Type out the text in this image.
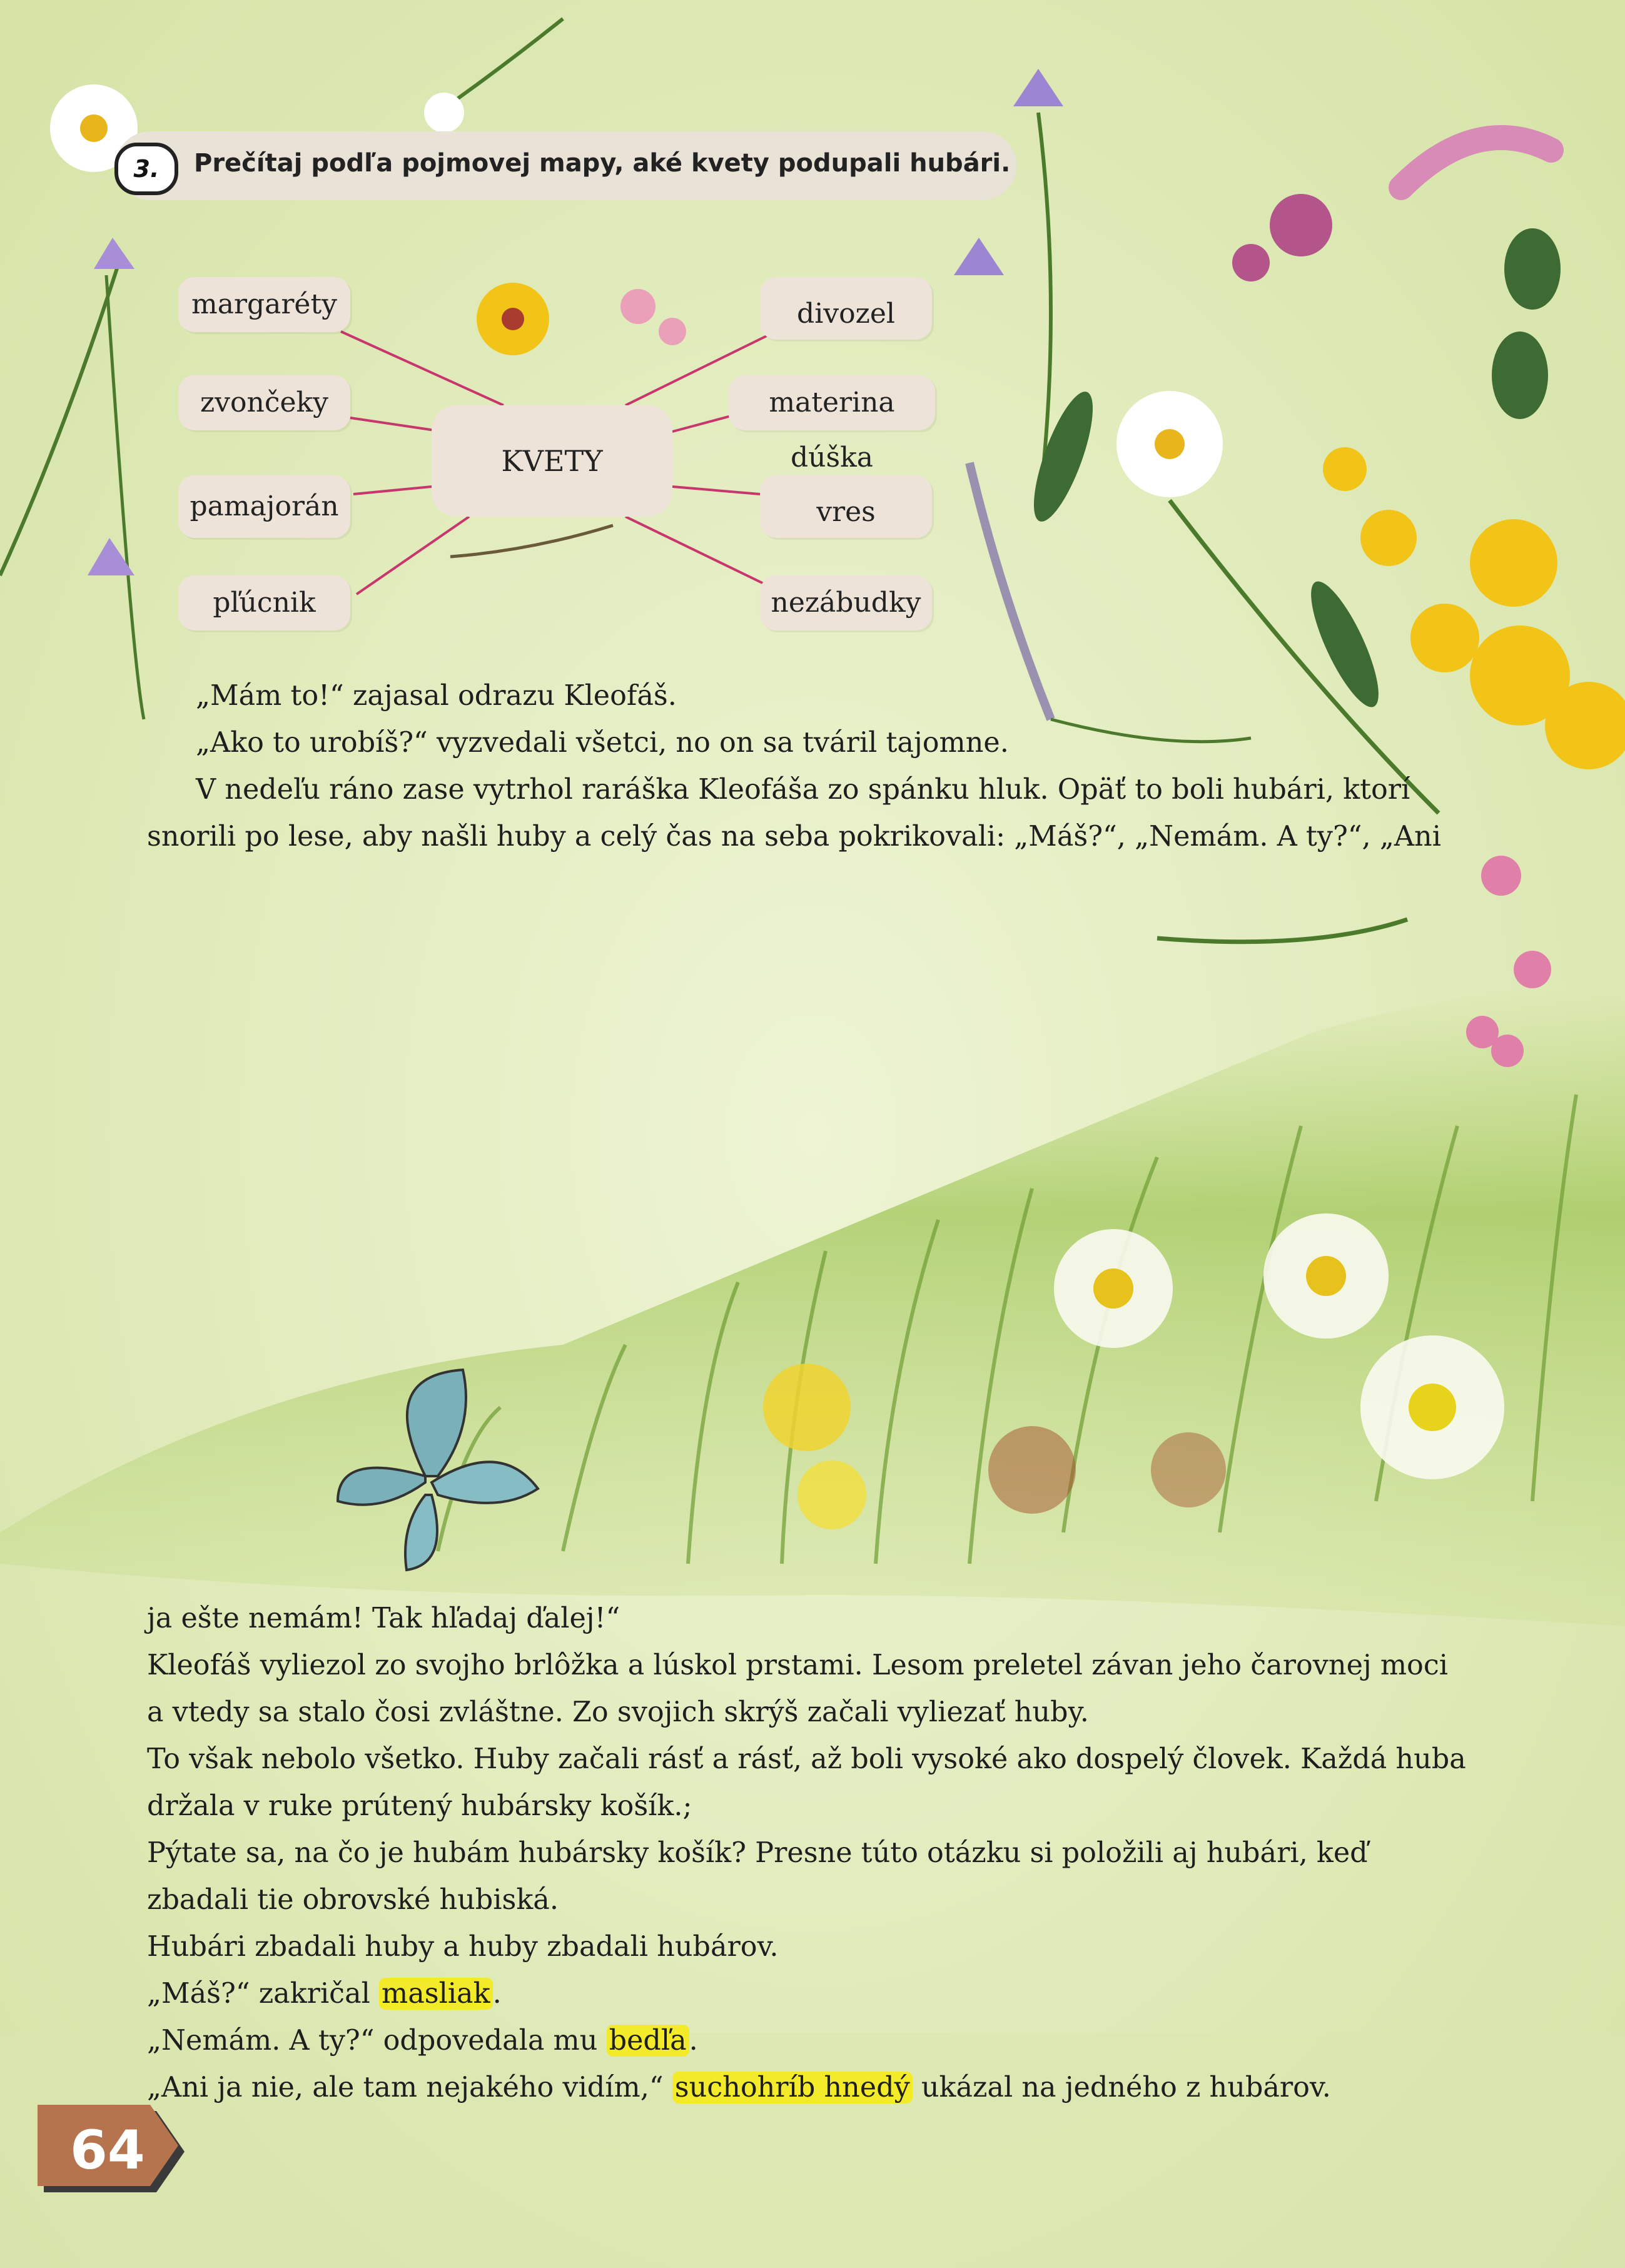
3.	Prečítaj podľa pojmovej mapy, aké kvety podupali hubári.
KVETY
margaréty
zvončeky
pamajorán
pľúcnik
divozel
materina dúška
vres
nezábudky

„Mám to!“ zajasal odrazu Kleofáš.

„Ako to urobíš?“ vyzvedali všetci, no on sa tváril tajomne.

V nedeľu ráno zase vytrhol raráška Kleofáša zo spánku hluk. Opäť to boli hubári, ktorí

snorili po lese, aby našli huby a celý čas na seba pokrikovali: „Máš?“, „Nemám. A ty?“, „Ani

ja ešte nemám! Tak hľadaj ďalej!“

Kleofáš vyliezol zo svojho brlôžka a lúskol prstami. Lesom preletel závan jeho čarovnej moci

a vtedy sa stalo čosi zvláštne. Zo svojich skrýš začali vyliezať huby.

To však nebolo všetko. Huby začali rásť a rásť, až boli vysoké ako dospelý človek. Každá huba

držala v ruke prútený hubársky košík.;

Pýtate sa, na čo je hubám hubársky košík? Presne túto otázku si položili aj hubári, keď

zbadali tie obrovské hubiská.

Hubári zbadali huby a huby zbadali hubárov.

„Máš?“ zakričal masliak.

„Nemám. A ty?“ odpovedala mu bedľa.

„Ani ja nie, ale tam nejakého vidím,“ suchohríb hnedý ukázal na jedného z hubárov.

64
